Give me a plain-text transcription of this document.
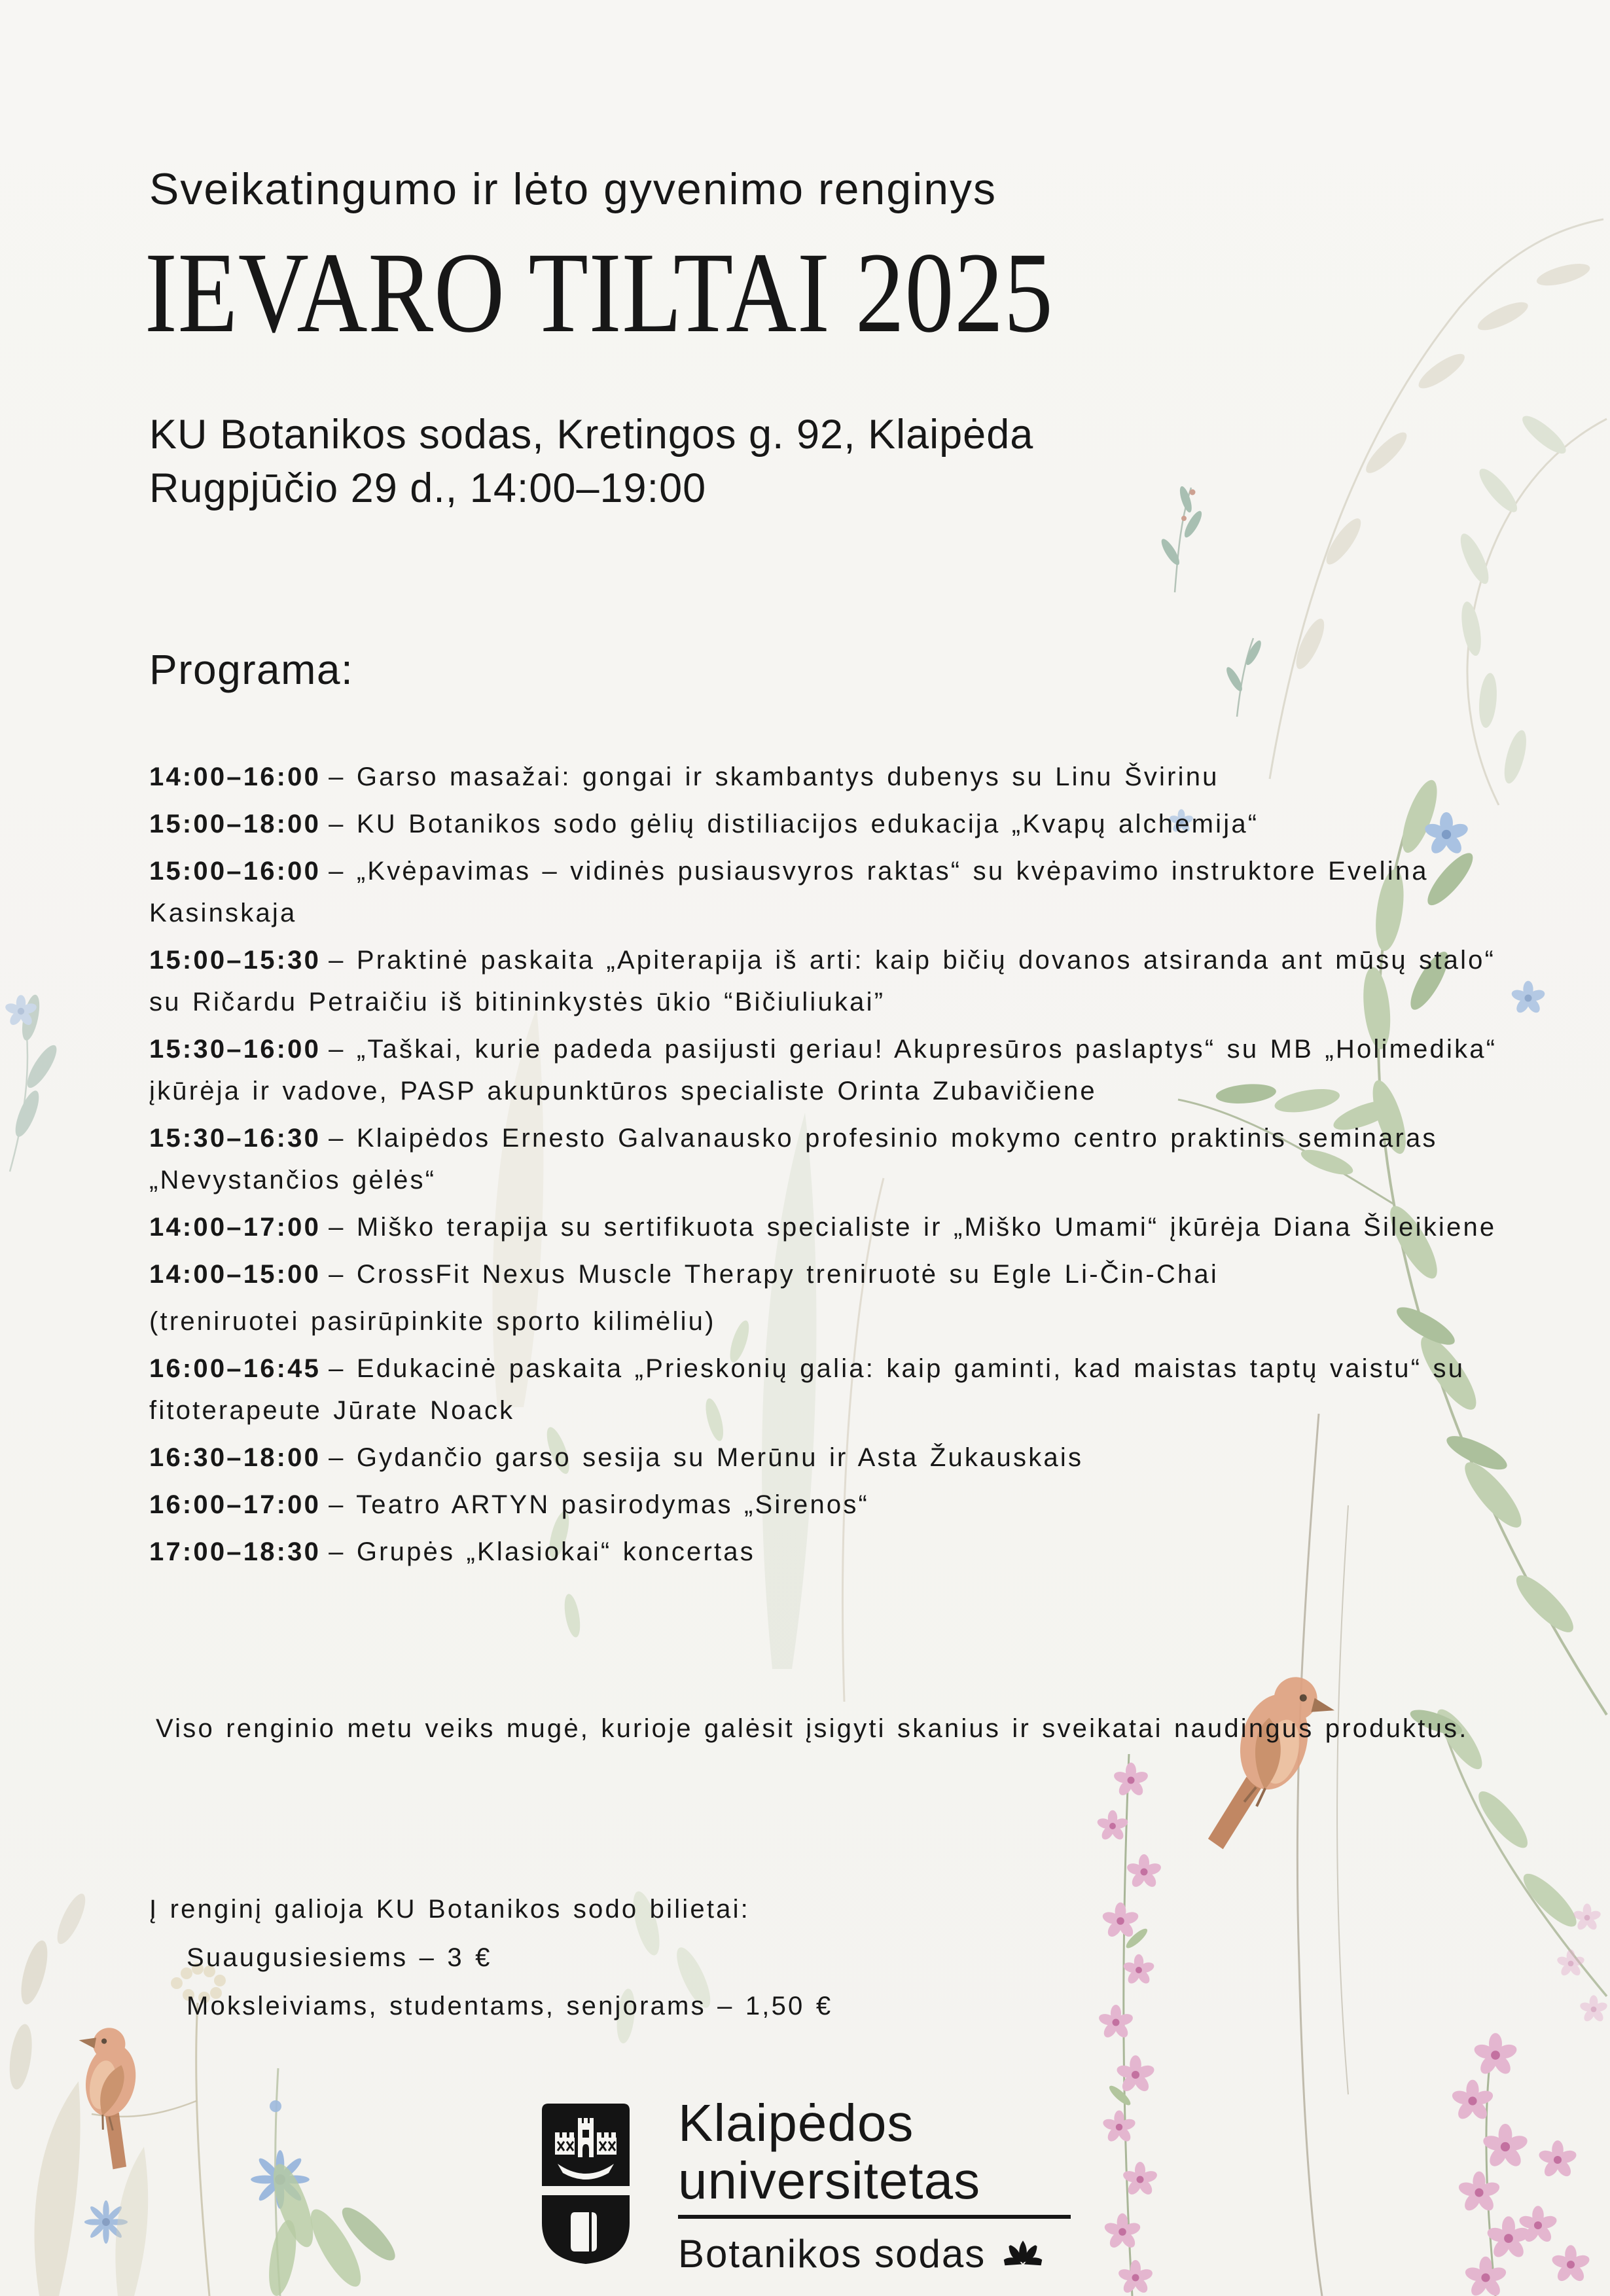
Sveikatingumo ir lėto gyvenimo renginys

IEVARO TILTAI 2025

KU Botanikos sodas, Kretingos g. 92, Klaipėda

Rugpjūčio 29 d., 14:00–19:00

Programa:

14:00–16:00 – Garso masažai: gongai ir skambantys dubenys su Linu Švirinu

15:00–18:00 – KU Botanikos sodo gėlių distiliacijos edukacija „Kvapų alchemija“

15:00–16:00 – „Kvėpavimas – vidinės pusiausvyros raktas“ su kvėpavimo instruktore Evelina Kasinskaja

15:00–15:30 – Praktinė paskaita „Apiterapija iš arti: kaip bičių dovanos atsiranda ant mūsų stalo“ su Ričardu Petraičiu iš bitininkystės ūkio “Bičiuliukai”

15:30–16:00 – „Taškai, kurie padeda pasijusti geriau! Akupresūros paslaptys“ su MB „Holimedika“ įkūrėja ir vadove, PASP akupunktūros specialiste Orinta Zubavičiene

15:30–16:30 – Klaipėdos Ernesto Galvanausko profesinio mokymo centro praktinis seminaras „Nevystančios gėlės“

14:00–17:00 – Miško terapija su sertifikuota specialiste ir „Miško Umami“ įkūrėja Diana Šileikiene

14:00–15:00 – CrossFit Nexus Muscle Therapy treniruotė su Egle Li-Čin-Chai

(treniruotei pasirūpinkite sporto kilimėliu)

16:00–16:45 – Edukacinė paskaita „Prieskonių galia: kaip gaminti, kad maistas taptų vaistu“ su fitoterapeute Jūrate Noack

16:30–18:00 – Gydančio garso sesija su Merūnu ir Asta Žukauskais

16:00–17:00 – Teatro ARTYN pasirodymas „Sirenos“

17:00–18:30 – Grupės „Klasiokai“ koncertas

Viso renginio metu veiks mugė, kurioje galėsit įsigyti skanius ir sveikatai naudingus produktus.

Į renginį galioja KU Botanikos sodo bilietai:

Suaugusiesiems – 3 €

Moksleiviams, studentams, senjorams – 1,50 €

Klaipėdos
universitetas
Botanikos sodas
